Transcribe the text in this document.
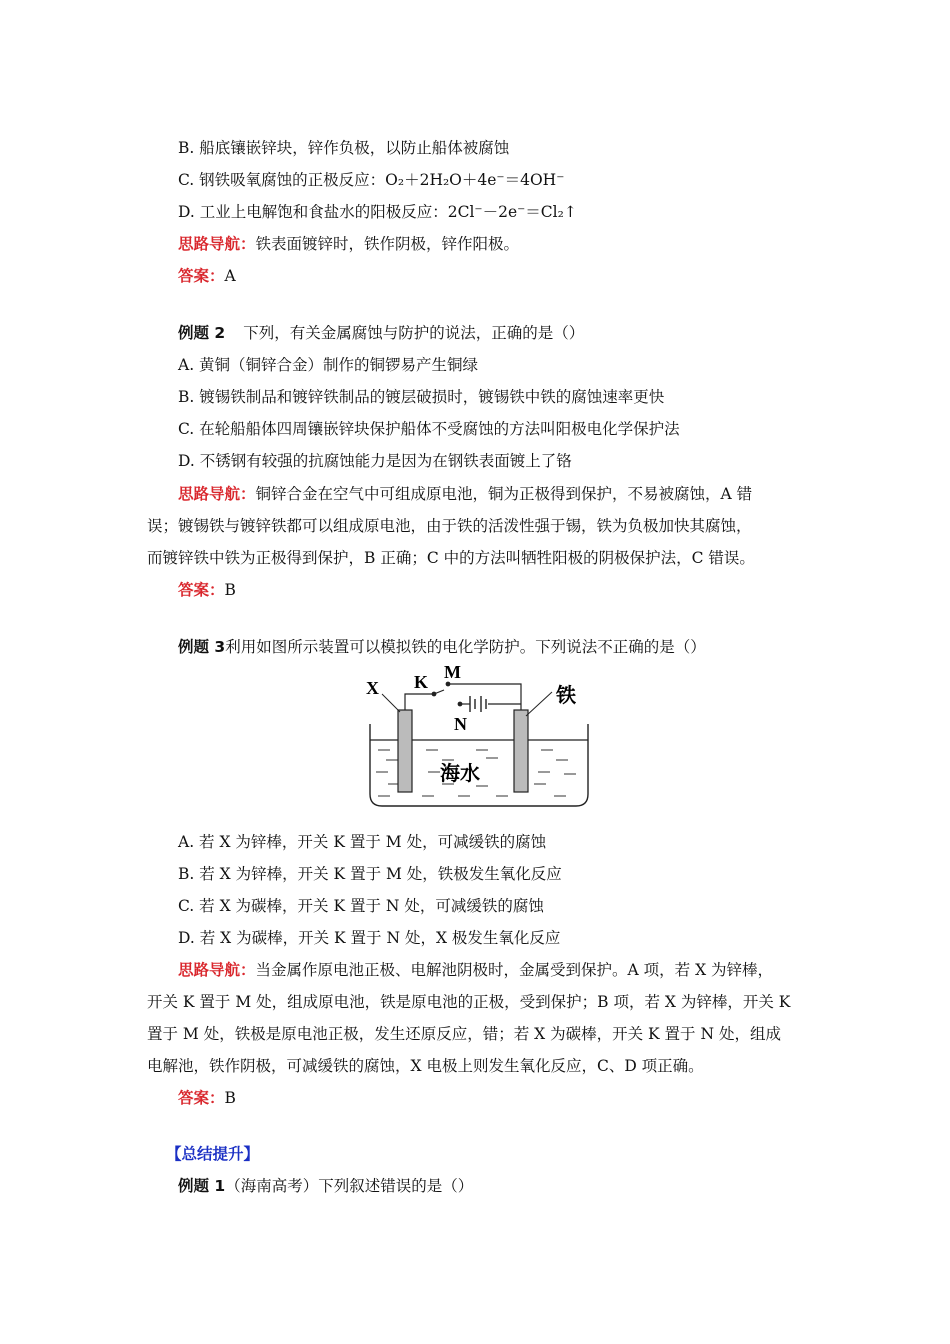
B. 船底镶嵌锌块，锌作负极，以防止船体被腐蚀
C. 钢铁吸氧腐蚀的正极反应：O₂＋2H₂O＋4e⁻＝4OH⁻
D. 工业上电解饱和食盐水的阳极反应：2Cl⁻－2e⁻＝Cl₂↑
思路导航：铁表面镀锌时，铁作阴极，锌作阳极。
答案：A
例题 2 下列，有关金属腐蚀与防护的说法，正确的是（）
A. 黄铜（铜锌合金）制作的铜锣易产生铜绿
B. 镀锡铁制品和镀锌铁制品的镀层破损时，镀锡铁中铁的腐蚀速率更快
C. 在轮船船体四周镶嵌锌块保护船体不受腐蚀的方法叫阳极电化学保护法
D. 不锈钢有较强的抗腐蚀能力是因为在钢铁表面镀上了铬
思路导航：铜锌合金在空气中可组成原电池，铜为正极得到保护，不易被腐蚀，A 错
误；镀锡铁与镀锌铁都可以组成原电池，由于铁的活泼性强于锡，铁为负极加快其腐蚀，
而镀锌铁中铁为正极得到保护，B 正确；C 中的方法叫牺牲阳极的阴极保护法，C 错误。
答案：B
例题 3利用如图所示装置可以模拟铁的电化学防护。下列说法不正确的是（）
X
M
K
N
铁
海水
A. 若 X 为锌棒，开关 K 置于 M 处，可减缓铁的腐蚀
B. 若 X 为锌棒，开关 K 置于 M 处，铁极发生氧化反应
C. 若 X 为碳棒，开关 K 置于 N 处，可减缓铁的腐蚀
D. 若 X 为碳棒，开关 K 置于 N 处，X 极发生氧化反应
思路导航：当金属作原电池正极、电解池阴极时，金属受到保护。A 项，若 X 为锌棒，
开关 K 置于 M 处，组成原电池，铁是原电池的正极，受到保护；B 项，若 X 为锌棒，开关 K
置于 M 处，铁极是原电池正极，发生还原反应，错；若 X 为碳棒，开关 K 置于 N 处，组成
电解池，铁作阴极，可减缓铁的腐蚀，X 电极上则发生氧化反应，C、D 项正确。
答案：B
【总结提升】
例题 1（海南高考）下列叙述错误的是（）
